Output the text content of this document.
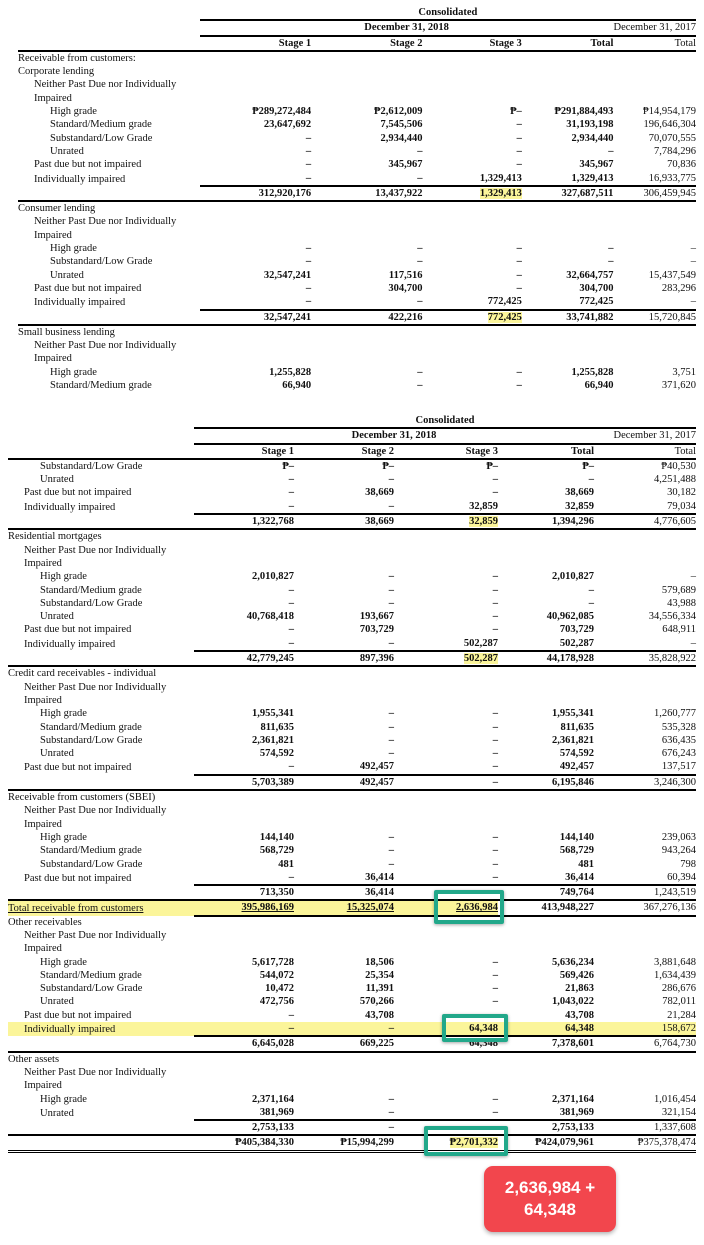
	Consolidated				
	December 31, 2018				December 31, 2017
	Stage 1	Stage 2	Stage 3	Total	Total
Receivable from customers:					
Corporate lending					
Neither Past Due nor Individually					
Impaired					
High grade	₱289,272,484	₱2,612,009	₱–	₱291,884,493	₱14,954,179
Standard/Medium grade	23,647,692	7,545,506	–	31,193,198	196,646,304
Substandard/Low Grade	–	2,934,440	–	2,934,440	70,070,555
Unrated	–	–	–	–	7,784,296
Past due but not impaired	–	345,967	–	345,967	70,836
Individually impaired	–	–	1,329,413	1,329,413	16,933,775
	312,920,176	13,437,922	1,329,413	327,687,511	306,459,945
Consumer lending					
Neither Past Due nor Individually					
Impaired					
High grade	–	–	–	–	–
Substandard/Low Grade	–	–	–	–	–
Unrated	32,547,241	117,516	–	32,664,757	15,437,549
Past due but not impaired	–	304,700	–	304,700	283,296
Individually impaired	–	–	772,425	772,425	–
	32,547,241	422,216	772,425	33,741,882	15,720,845
Small business lending					
Neither Past Due nor Individually					
Impaired					
High grade	1,255,828	–	–	1,255,828	3,751
Standard/Medium grade	66,940	–	–	66,940	371,620
	Consolidated				
	December 31, 2018				December 31, 2017
	Stage 1	Stage 2	Stage 3	Total	Total
Substandard/Low Grade	₱–	₱–	₱–	₱–	₱40,530
Unrated	–	–	–	–	4,251,488
Past due but not impaired	–	38,669	–	38,669	30,182
Individually impaired	–	–	32,859	32,859	79,034
	1,322,768	38,669	32,859	1,394,296	4,776,605
Residential mortgages					
Neither Past Due nor Individually					
Impaired					
High grade	2,010,827	–	–	2,010,827	–
Standard/Medium grade	–	–	–	–	579,689
Substandard/Low Grade	–	–	–	–	43,988
Unrated	40,768,418	193,667	–	40,962,085	34,556,334
Past due but not impaired	–	703,729	–	703,729	648,911
Individually impaired	–	–	502,287	502,287	–
	42,779,245	897,396	502,287	44,178,928	35,828,922
Credit card receivables - individual					
Neither Past Due nor Individually					
Impaired					
High grade	1,955,341	–	–	1,955,341	1,260,777
Standard/Medium grade	811,635	–	–	811,635	535,328
Substandard/Low Grade	2,361,821	–	–	2,361,821	636,435
Unrated	574,592	–	–	574,592	676,243
Past due but not impaired	–	492,457	–	492,457	137,517
	5,703,389	492,457	–	6,195,846	3,246,300
Receivable from customers (SBEI)					
Neither Past Due nor Individually					
Impaired					
High grade	144,140	–	–	144,140	239,063
Standard/Medium grade	568,729	–	–	568,729	943,264
Substandard/Low Grade	481	–	–	481	798
Past due but not impaired	–	36,414	–	36,414	60,394
	713,350	36,414		749,764	1,243,519
Total receivable from customers	395,986,169	15,325,074	2,636,984	413,948,227	367,276,136
Other receivables					
Neither Past Due nor Individually					
Impaired					
High grade	5,617,728	18,506	–	5,636,234	3,881,648
Standard/Medium grade	544,072	25,354	–	569,426	1,634,439
Substandard/Low Grade	10,472	11,391	–	21,863	286,676
Unrated	472,756	570,266	–	1,043,022	782,011
Past due but not impaired	–	43,708	–	43,708	21,284
Individually impaired	–	–	64,348	64,348	158,672
	6,645,028	669,225	64,348	7,378,601	6,764,730
Other assets					
Neither Past Due nor Individually					
Impaired					
High grade	2,371,164	–	–	2,371,164	1,016,454
Unrated	381,969	–	–	381,969	321,154
	2,753,133	–	–	2,753,133	1,337,608
	₱405,384,330	₱15,994,299	₱2,701,332	₱424,079,961	₱375,378,474
2,636,984 +
64,348
